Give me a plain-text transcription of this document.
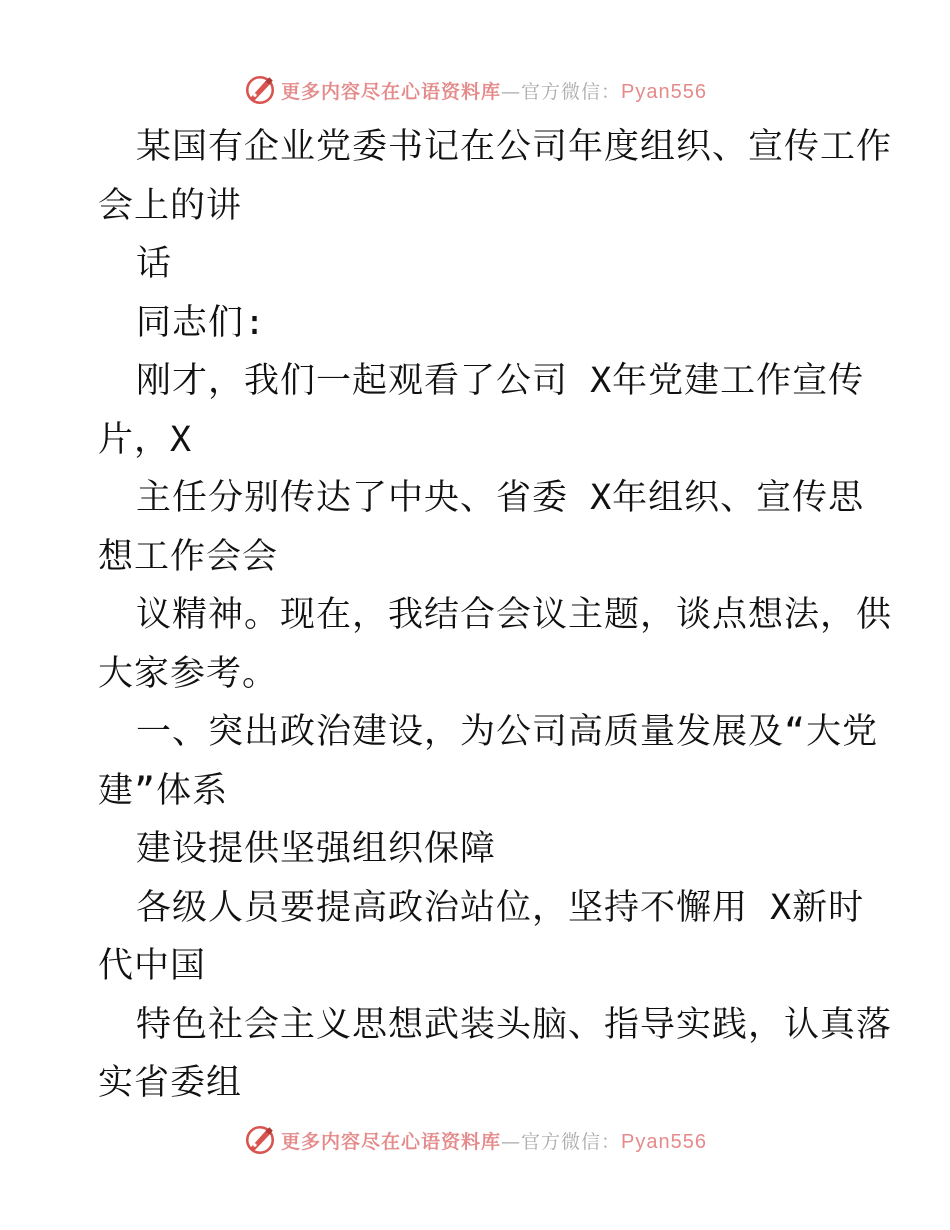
更多内容尽在心语资料库 —官方微信：Pyan556
某国有企业党委书记在公司年度组织、宣传工作
会上的讲
话
同志们:
刚才，我们一起观看了公司 X年党建工作宣传
片，X
主任分别传达了中央、省委 X年组织、宣传思
想工作会会
议精神。现在，我结合会议主题，谈点想法，供
大家参考。
一、突出政治建设，为公司高质量发展及“大党
建”体系
建设提供坚强组织保障
各级人员要提高政治站位，坚持不懈用 X新时
代中国
特色社会主义思想武装头脑、指导实践，认真落
实省委组
更多内容尽在心语资料库 —官方微信：Pyan556
